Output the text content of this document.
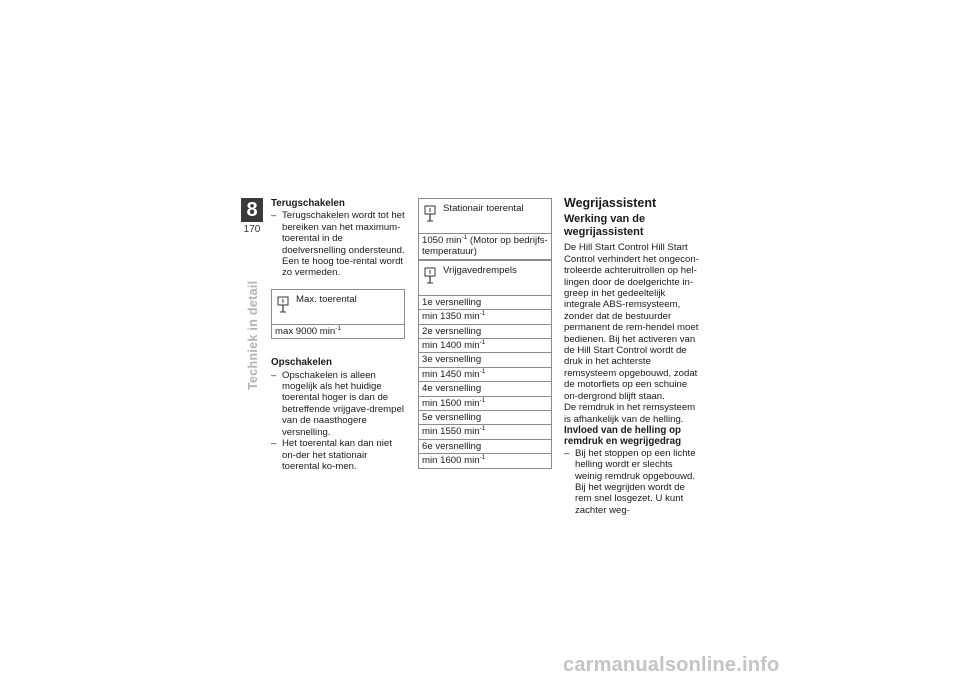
8
170
Techniek in detail
Terugschakelen

– Terugschakelen wordt tot het bereiken van het maximum-toerental in de doelversnelling ondersteund. Een te hoog toe-rental wordt zo vermeden.

Max. toerental
max 9000 $\min^{-1}$
Opschakelen

– Opschakelen is alleen mogelijk als het huidige toerental hoger is dan de betreffende vrijgave-drempel van de naasthogere versnelling.

– Het toerental kan dan niet on-der het stationair toerental ko-men.

Stationair toerental
1050 $\min^{-1}$ (Motor op bedrijfs-temperatuur)
Vrijgavedrempels
1e versnelling
min 1350 $\min^{-1}$
2e versnelling
min 1400 $\min^{-1}$
3e versnelling
min 1450 $\min^{-1}$
4e versnelling
min 1500 $\min^{-1}$
5e versnelling
min 1550 $\min^{-1}$
6e versnelling
min 1600 $\min^{-1}$
Wegrijassistent
Werking van de wegrijassistent

De Hill Start Control Hill Start Control verhindert het ongecon-troleerde achteruitrollen op hel-lingen door de doelgerichte in-greep in het gedeeltelijk integrale ABS-remsysteem, zonder dat de bestuurder permanent de rem-hendel moet bedienen. Bij het activeren van de Hill Start Control wordt de druk in het achterste remsysteem opgebouwd, zodat de motorfiets op een schuine on-dergrond blijft staan.

De remdruk in het remsysteem is afhankelijk van de helling.

Invloed van de helling op remdruk en wegrijgedrag

– Bij het stoppen op een lichte helling wordt er slechts weinig remdruk opgebouwd. Bij het wegrijden wordt de rem snel losgezet. U kunt zachter weg-

carmanualsonline.info
